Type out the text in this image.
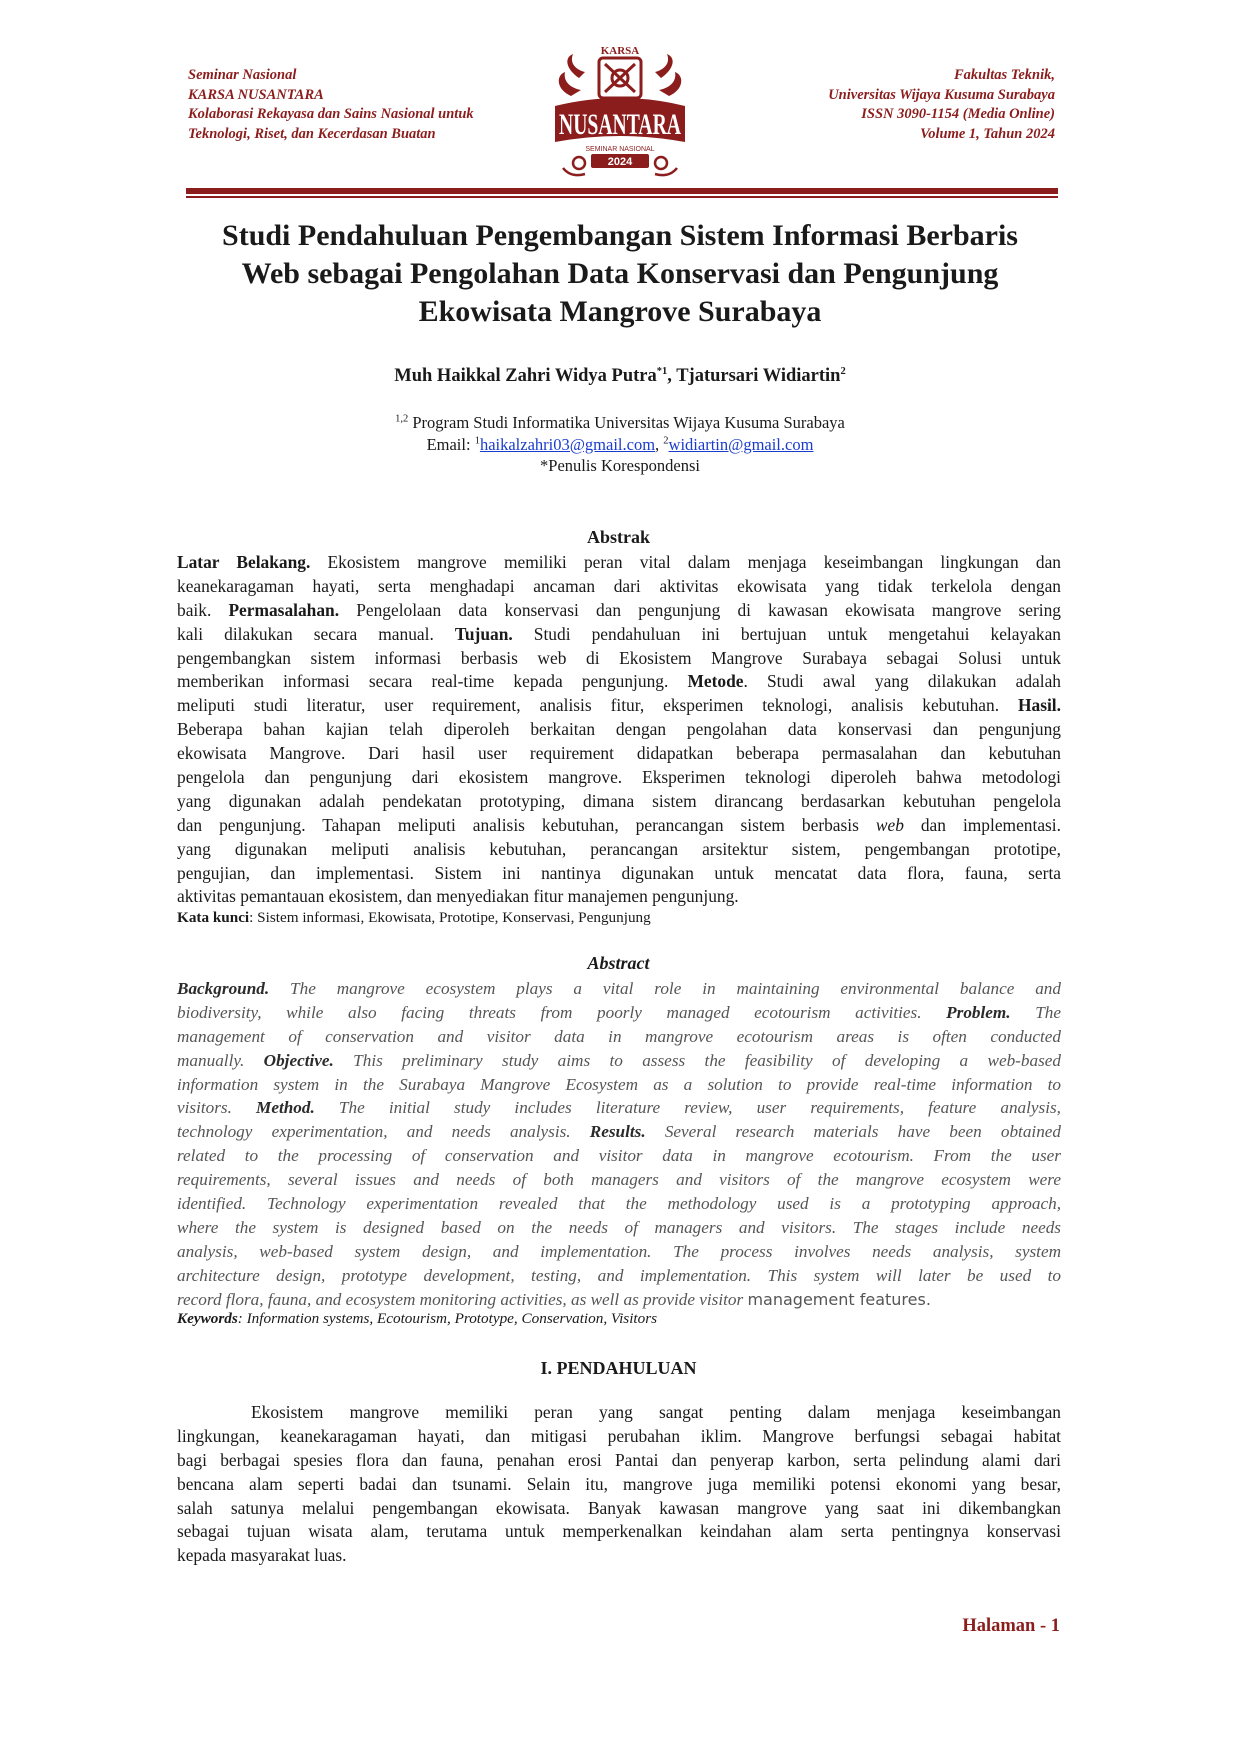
Seminar Nasional
KARSA NUSANTARA
Kolaborasi Rekayasa dan Sains Nasional untuk
Teknologi, Riset, dan Kecerdasan Buatan
KARSA
NUSANTARA
SEMINAR NASIONAL
2024
Fakultas Teknik,
Universitas Wijaya Kusuma Surabaya
ISSN 3090-1154 (Media Online)
Volume 1, Tahun 2024
Studi Pendahuluan Pengembangan Sistem Informasi Berbaris
Web sebagai Pengolahan Data Konservasi dan Pengunjung
Ekowisata Mangrove Surabaya
Muh Haikkal Zahri Widya Putra$^{*1}$, Tjatursari Widiartin$^2$
$^{1,2}$ Program Studi Informatika Universitas Wijaya Kusuma Surabaya
Email: $^1$haikalzahri03@gmail.com, $^2$widiartin@gmail.com
*Penulis Korespondensi
Abstrak
Latar Belakang. Ekosistem mangrove memiliki peran vital dalam menjaga keseimbangan lingkungan dan
keanekaragaman hayati, serta menghadapi ancaman dari aktivitas ekowisata yang tidak terkelola dengan
baik. Permasalahan. Pengelolaan data konservasi dan pengunjung di kawasan ekowisata mangrove sering
kali dilakukan secara manual. Tujuan. Studi pendahuluan ini bertujuan untuk mengetahui kelayakan
pengembangkan sistem informasi berbasis web di Ekosistem Mangrove Surabaya sebagai Solusi untuk
memberikan informasi secara real-time kepada pengunjung. Metode. Studi awal yang dilakukan adalah
meliputi studi literatur, user requirement, analisis fitur, eksperimen teknologi, analisis kebutuhan. Hasil.
Beberapa bahan kajian telah diperoleh berkaitan dengan pengolahan data konservasi dan pengunjung
ekowisata Mangrove. Dari hasil user requirement didapatkan beberapa permasalahan dan kebutuhan
pengelola dan pengunjung dari ekosistem mangrove. Eksperimen teknologi diperoleh bahwa metodologi
yang digunakan adalah pendekatan prototyping, dimana sistem dirancang berdasarkan kebutuhan pengelola
dan pengunjung. Tahapan meliputi analisis kebutuhan, perancangan sistem berbasis web dan implementasi.
yang digunakan meliputi analisis kebutuhan, perancangan arsitektur sistem, pengembangan prototipe,
pengujian, dan implementasi. Sistem ini nantinya digunakan untuk mencatat data flora, fauna, serta
aktivitas pemantauan ekosistem, dan menyediakan fitur manajemen pengunjung.
Kata kunci: Sistem informasi, Ekowisata, Prototipe, Konservasi, Pengunjung
Abstract
Background. The mangrove ecosystem plays a vital role in maintaining environmental balance and
biodiversity, while also facing threats from poorly managed ecotourism activities. Problem. The
management of conservation and visitor data in mangrove ecotourism areas is often conducted
manually. Objective. This preliminary study aims to assess the feasibility of developing a web-based
information system in the Surabaya Mangrove Ecosystem as a solution to provide real-time information to
visitors. Method. The initial study includes literature review, user requirements, feature analysis,
technology experimentation, and needs analysis. Results. Several research materials have been obtained
related to the processing of conservation and visitor data in mangrove ecotourism. From the user
requirements, several issues and needs of both managers and visitors of the mangrove ecosystem were
identified. Technology experimentation revealed that the methodology used is a prototyping approach,
where the system is designed based on the needs of managers and visitors. The stages include needs
analysis, web-based system design, and implementation. The process involves needs analysis, system
architecture design, prototype development, testing, and implementation. This system will later be used to
record flora, fauna, and ecosystem monitoring activities, as well as provide visitor management features.
Keywords: Information systems, Ecotourism, Prototype, Conservation, Visitors
I. PENDAHULUAN
Ekosistem mangrove memiliki peran yang sangat penting dalam menjaga keseimbangan
lingkungan, keanekaragaman hayati, dan mitigasi perubahan iklim. Mangrove berfungsi sebagai habitat
bagi berbagai spesies flora dan fauna, penahan erosi Pantai dan penyerap karbon, serta pelindung alami dari
bencana alam seperti badai dan tsunami. Selain itu, mangrove juga memiliki potensi ekonomi yang besar,
salah satunya melalui pengembangan ekowisata. Banyak kawasan mangrove yang saat ini dikembangkan
sebagai tujuan wisata alam, terutama untuk memperkenalkan keindahan alam serta pentingnya konservasi
kepada masyarakat luas.
Halaman - 1
